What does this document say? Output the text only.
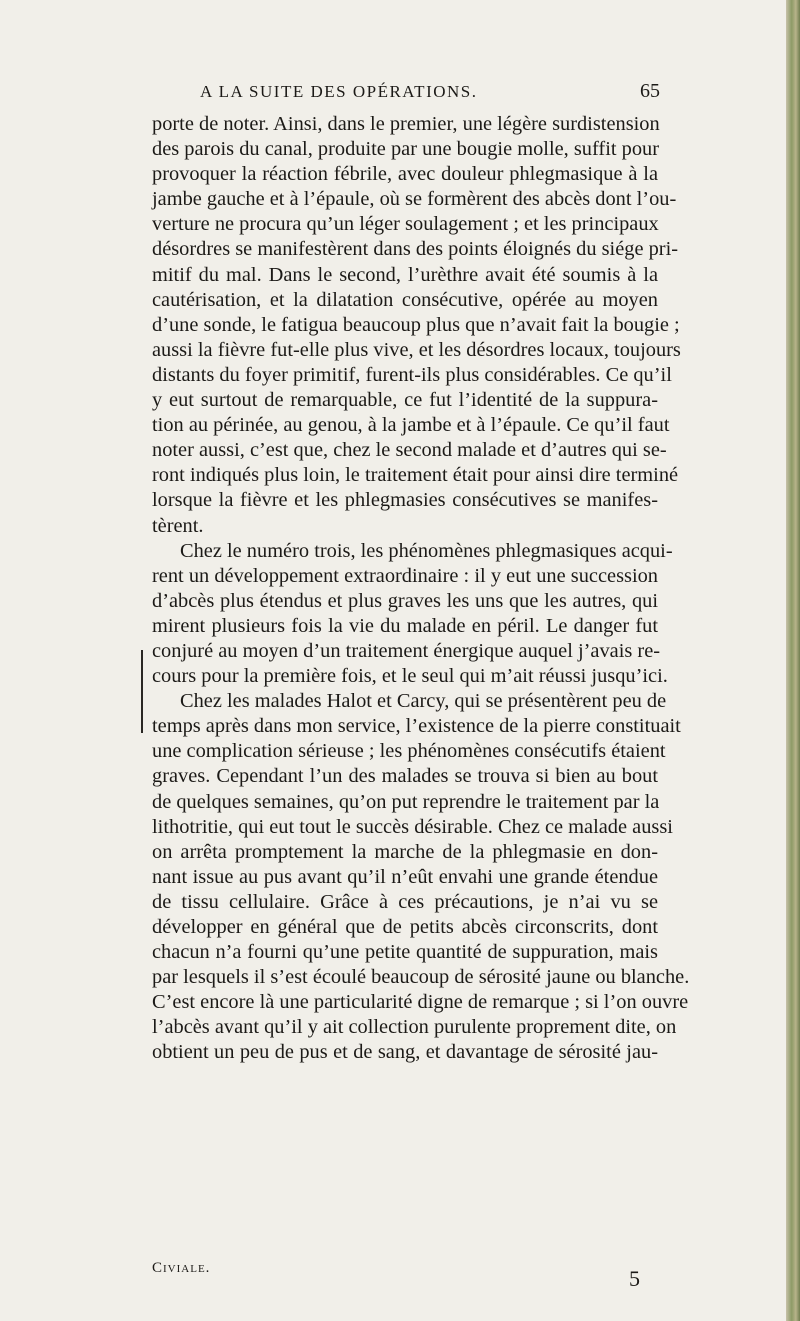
A LA SUITE DES OPÉRATIONS.	65
porte de noter. Ainsi, dans le premier, une légère surdistension
des parois du canal, produite par une bougie molle, suffit pour
provoquer la réaction fébrile, avec douleur phlegmasique à la
jambe gauche et à l’épaule, où se formèrent des abcès dont l’ou-
verture ne procura qu’un léger soulagement ; et les principaux
désordres se manifestèrent dans des points éloignés du siége pri-
mitif du mal. Dans le second, l’urèthre avait été soumis à la
cautérisation, et la dilatation consécutive, opérée au moyen
d’une sonde, le fatigua beaucoup plus que n’avait fait la bougie ;
aussi la fièvre fut-elle plus vive, et les désordres locaux, toujours
distants du foyer primitif, furent-ils plus considérables. Ce qu’il
y eut surtout de remarquable, ce fut l’identité de la suppura-
tion au périnée, au genou, à la jambe et à l’épaule. Ce qu’il faut
noter aussi, c’est que, chez le second malade et d’autres qui se-
ront indiqués plus loin, le traitement était pour ainsi dire terminé
lorsque la fièvre et les phlegmasies consécutives se manifes-
tèrent.
Chez le numéro trois, les phénomènes phlegmasiques acqui-
rent un développement extraordinaire : il y eut une succession
d’abcès plus étendus et plus graves les uns que les autres, qui
mirent plusieurs fois la vie du malade en péril. Le danger fut
conjuré au moyen d’un traitement énergique auquel j’avais re-
cours pour la première fois, et le seul qui m’ait réussi jusqu’ici.
Chez les malades Halot et Carcy, qui se présentèrent peu de
temps après dans mon service, l’existence de la pierre constituait
une complication sérieuse ; les phénomènes consécutifs étaient
graves. Cependant l’un des malades se trouva si bien au bout
de quelques semaines, qu’on put reprendre le traitement par la
lithotritie, qui eut tout le succès désirable. Chez ce malade aussi
on arrêta promptement la marche de la phlegmasie en don-
nant issue au pus avant qu’il n’eût envahi une grande étendue
de tissu cellulaire. Grâce à ces précautions, je n’ai vu se
développer en général que de petits abcès circonscrits, dont
chacun n’a fourni qu’une petite quantité de suppuration, mais
par lesquels il s’est écoulé beaucoup de sérosité jaune ou blanche.
C’est encore là une particularité digne de remarque ; si l’on ouvre
l’abcès avant qu’il y ait collection purulente proprement dite, on
obtient un peu de pus et de sang, et davantage de sérosité jau-
Civiale.	5
